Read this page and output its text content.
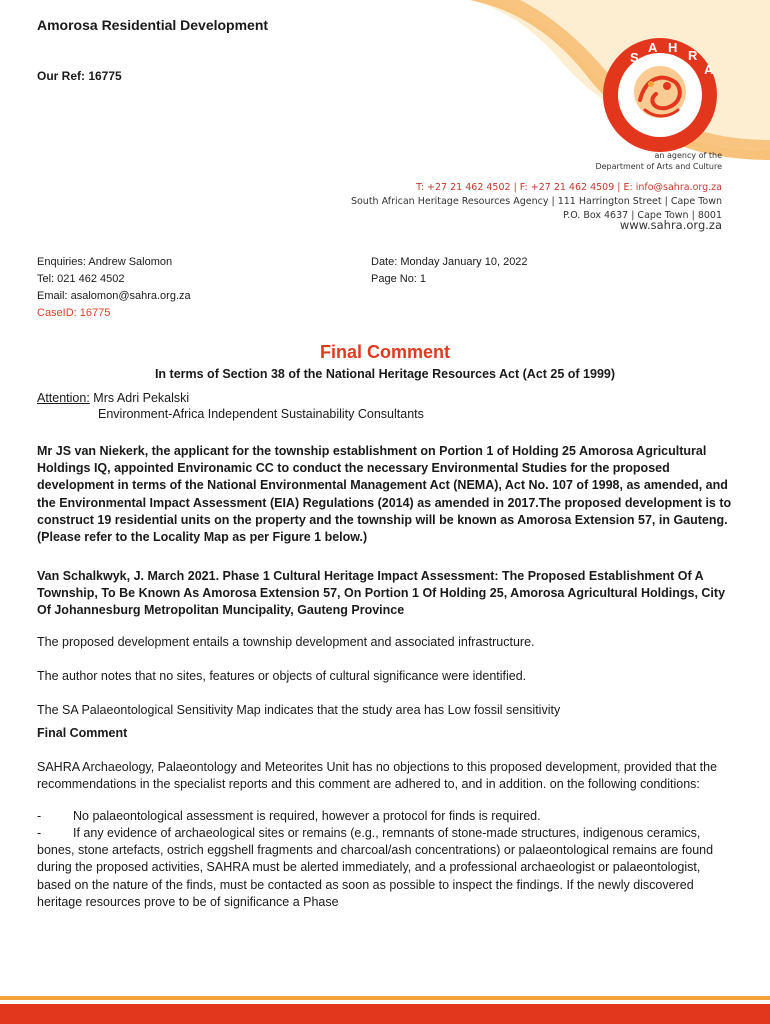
S
A H
R
A
Amorosa Residential Development
Our Ref: 16775
an agency of the
Department of Arts and Culture
T: +27 21 462 4502 | F: +27 21 462 4509 | E: info@sahra.org.za
South African Heritage Resources Agency | 111 Harrington Street | Cape Town
P.O. Box 4637 | Cape Town | 8001
www.sahra.org.za
Enquiries: Andrew Salomon
Tel: 021 462 4502
Email: asalomon@sahra.org.za
CaseID: 16775
Date: Monday January 10, 2022
Page No: 1
Final Comment
In terms of Section 38 of the National Heritage Resources Act (Act 25 of 1999)
Attention: Mrs Adri Pekalski
Environment-Africa Independent Sustainability Consultants
Mr JS van Niekerk, the applicant for the township establishment on Portion 1 of Holding 25 Amorosa Agricultural Holdings IQ, appointed Environamic CC to conduct the necessary Environmental Studies for the proposed development in terms of the National Environmental Management Act (NEMA), Act No. 107 of 1998, as amended, and the Environmental Impact Assessment (EIA) Regulations (2014) as amended in 2017.The proposed development is to construct 19 residential units on the property and the township will be known as Amorosa Extension 57, in Gauteng. (Please refer to the Locality Map as per Figure 1 below.)
Van Schalkwyk, J. March 2021. Phase 1 Cultural Heritage Impact Assessment: The Proposed Establishment Of A Township, To Be Known As Amorosa Extension 57, On Portion 1 Of Holding 25, Amorosa Agricultural Holdings, City Of Johannesburg Metropolitan Muncipality, Gauteng Province
The proposed development entails a township development and associated infrastructure.
The author notes that no sites, features or objects of cultural significance were identified.
The SA Palaeontological Sensitivity Map indicates that the study area has Low fossil sensitivity
Final Comment
SAHRA Archaeology, Palaeontology and Meteorites Unit has no objections to this proposed development, provided that the recommendations in the specialist reports and this comment are adhered to, and in addition. on the following conditions:
-	No palaeontological assessment is required, however a protocol for finds is required.
-	If any evidence of archaeological sites or remains (e.g., remnants of stone-made structures, indigenous ceramics, bones, stone artefacts, ostrich eggshell fragments and charcoal/ash concentrations) or palaeontological remains are found during the proposed activities, SAHRA must be alerted immediately, and a professional archaeologist or palaeontologist, based on the nature of the finds, must be contacted as soon as possible to inspect the findings. If the newly discovered heritage resources prove to be of significance a Phase
